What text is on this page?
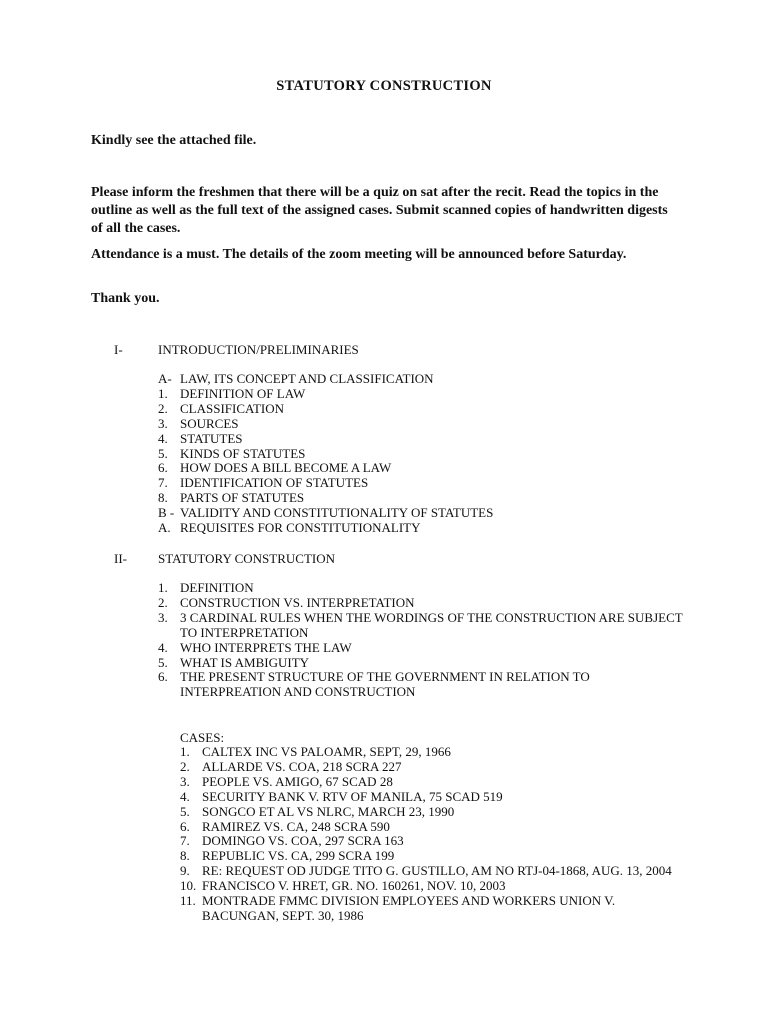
STATUTORY CONSTRUCTION
Kindly see the attached file.
Please inform the freshmen that there will be a quiz on sat after the recit. Read the topics in the outline as well as the full text of the assigned cases. Submit scanned copies of handwritten digests of all the cases.
Attendance is a must. The details of the zoom meeting will be announced before Saturday.
Thank you.
I-	INTRODUCTION/PRELIMINARIES
A- LAW, ITS CONCEPT AND CLASSIFICATION
1. DEFINITION OF LAW
2. CLASSIFICATION
3. SOURCES
4. STATUTES
5. KINDS OF STATUTES
6. HOW DOES A BILL BECOME A LAW
7. IDENTIFICATION OF STATUTES
8. PARTS OF STATUTES
B - VALIDITY AND CONSTITUTIONALITY OF STATUTES
A. REQUISITES FOR CONSTITUTIONALITY
II- STATUTORY CONSTRUCTION
1. DEFINITION
2. CONSTRUCTION VS. INTERPRETATION
3. 3 CARDINAL RULES WHEN THE WORDINGS OF THE CONSTRUCTION ARE SUBJECT TO INTERPRETATION
4. WHO INTERPRETS THE LAW
5. WHAT IS AMBIGUITY
6. THE PRESENT STRUCTURE OF THE GOVERNMENT IN RELATION TO INTERPREATION AND CONSTRUCTION
CASES:
1. CALTEX INC VS PALOAMR, SEPT, 29, 1966
2. ALLARDE VS. COA, 218 SCRA 227
3. PEOPLE VS. AMIGO, 67 SCAD 28
4. SECURITY BANK V. RTV OF MANILA, 75 SCAD 519
5. SONGCO ET AL VS NLRC, MARCH 23, 1990
6. RAMIREZ VS. CA, 248 SCRA 590
7. DOMINGO VS. COA, 297 SCRA 163
8. REPUBLIC VS. CA, 299 SCRA 199
9. RE: REQUEST OD JUDGE TITO G. GUSTILLO, AM NO RTJ-04-1868, AUG. 13, 2004
10. FRANCISCO V. HRET, GR. NO. 160261, NOV. 10, 2003
11. MONTRADE FMMC DIVISION EMPLOYEES AND WORKERS UNION V. BACUNGAN, SEPT. 30, 1986
